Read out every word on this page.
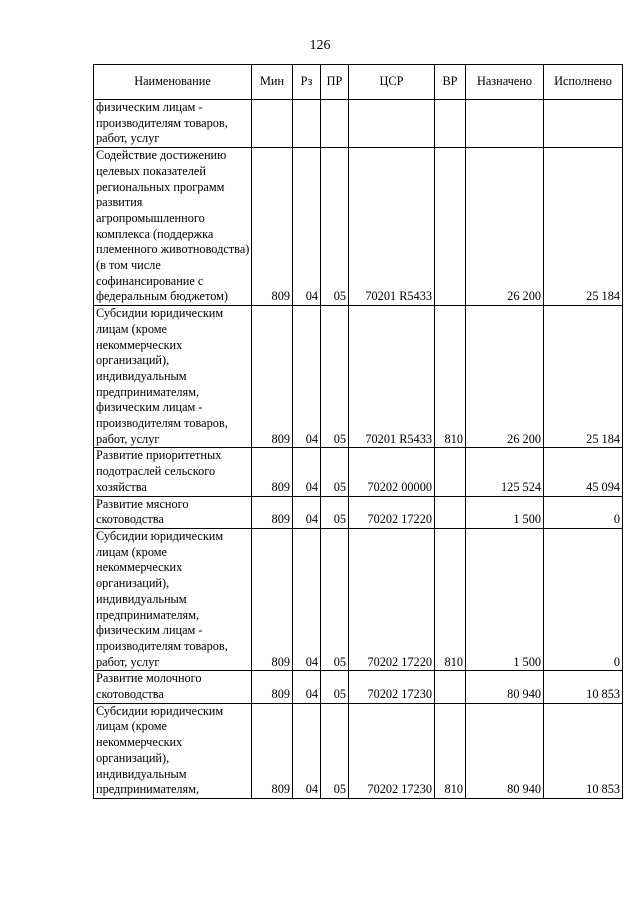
126
Наименование	Мин	Рз	ПР	ЦСР	ВР	Назначено	Исполнено
физическим лицам - производителям товаров, работ, услуг							
Содействие достижению целевых показателей региональных программ развития агропромышленного комплекса (поддержка племенного животноводства) (в том числе софинансирование с федеральным бюджетом)	809	04	05	70201 R5433		26 200	25 184
Субсидии юридическим лицам (кроме некоммерческих организаций), индивидуальным предпринимателям, физическим лицам - производителям товаров, работ, услуг	809	04	05	70201 R5433	810	26 200	25 184
Развитие приоритетных подотраслей сельского хозяйства	809	04	05	70202 00000		125 524	45 094
Развитие мясного скотоводства	809	04	05	70202 17220		1 500	0
Субсидии юридическим лицам (кроме некоммерческих организаций), индивидуальным предпринимателям, физическим лицам - производителям товаров, работ, услуг	809	04	05	70202 17220	810	1 500	0
Развитие молочного скотоводства	809	04	05	70202 17230		80 940	10 853
Субсидии юридическим лицам (кроме некоммерческих организаций), индивидуальным предпринимателям,	809	04	05	70202 17230	810	80 940	10 853
